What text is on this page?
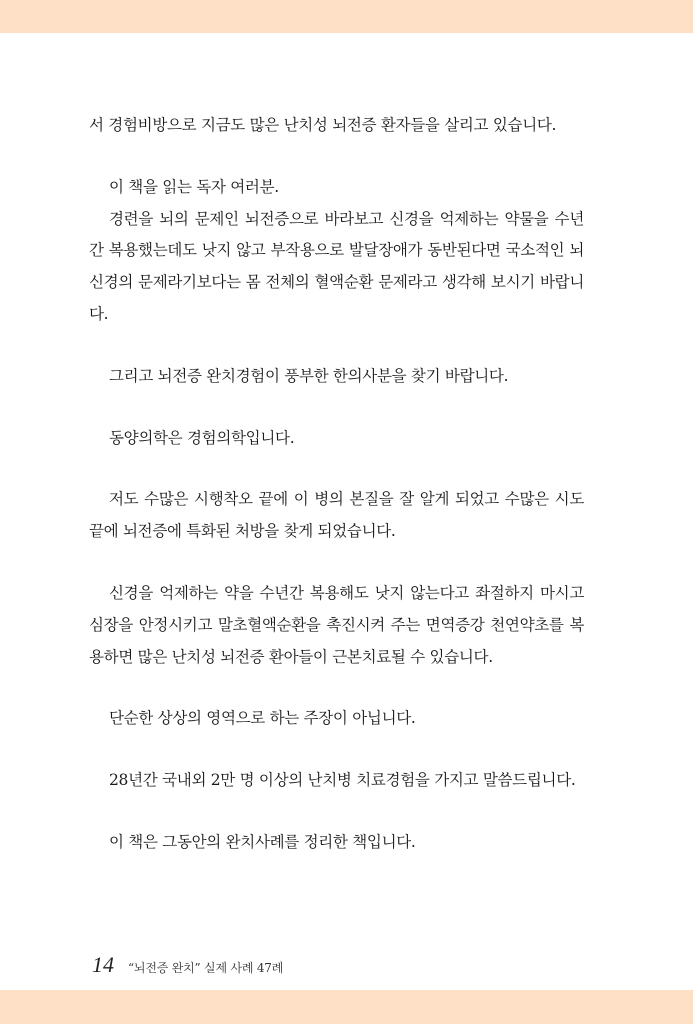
서 경험비방으로 지금도 많은 난치성 뇌전증 환자들을 살리고 있습니다.

이 책을 읽는 독자 여러분.

경련을 뇌의 문제인 뇌전증으로 바라보고 신경을 억제하는 약물을 수년간 복용했는데도 낫지 않고 부작용으로 발달장애가 동반된다면 국소적인 뇌신경의 문제라기보다는 몸 전체의 혈액순환 문제라고 생각해 보시기 바랍니다.

그리고 뇌전증 완치경험이 풍부한 한의사분을 찾기 바랍니다.

동양의학은 경험의학입니다.

저도 수많은 시행착오 끝에 이 병의 본질을 잘 알게 되었고 수많은 시도 끝에 뇌전증에 특화된 처방을 찾게 되었습니다.

신경을 억제하는 약을 수년간 복용해도 낫지 않는다고 좌절하지 마시고 심장을 안정시키고 말초혈액순환을 촉진시켜 주는 면역증강 천연약초를 복용하면 많은 난치성 뇌전증 환아들이 근본치료될 수 있습니다.

단순한 상상의 영역으로 하는 주장이 아닙니다.

28년간 국내외 2만 명 이상의 난치병 치료경험을 가지고 말씀드립니다.

이 책은 그동안의 완치사례를 정리한 책입니다.

14 “뇌전증 완치” 실제 사례 47례
